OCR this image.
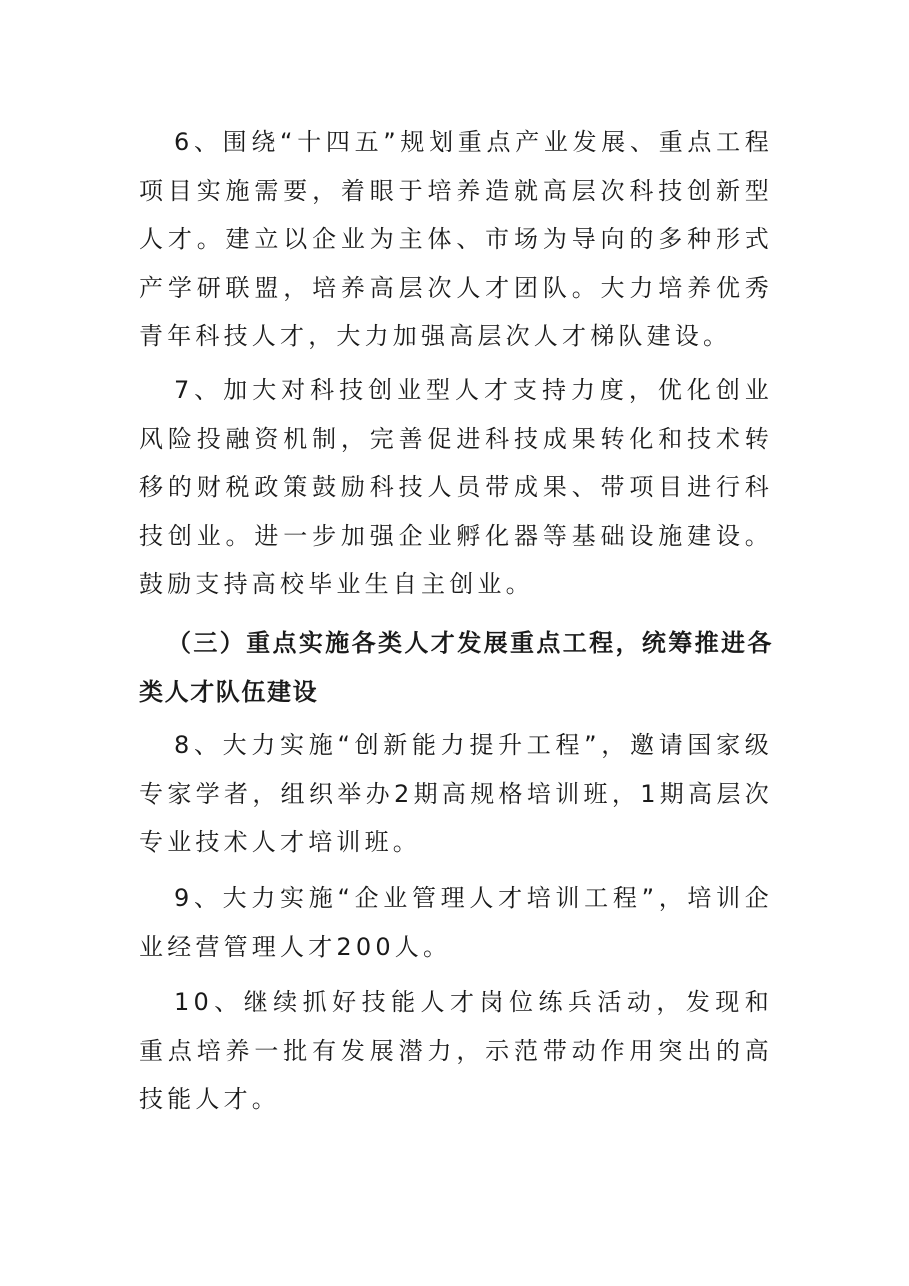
6、围绕“十四五”规划重点产业发展、重点工程项目实施需要，着眼于培养造就高层次科技创新型人才。建立以企业为主体、市场为导向的多种形式产学研联盟，培养高层次人才团队。大力培养优秀青年科技人才，大力加强高层次人才梯队建设。

7、加大对科技创业型人才支持力度，优化创业风险投融资机制，完善促进科技成果转化和技术转移的财税政策鼓励科技人员带成果、带项目进行科技创业。进一步加强企业孵化器等基础设施建设。鼓励支持高校毕业生自主创业。

（三）重点实施各类人才发展重点工程，统筹推进各类人才队伍建设

8、大力实施“创新能力提升工程”，邀请国家级专家学者，组织举办2期高规格培训班，1期高层次专业技术人才培训班。

9、大力实施“企业管理人才培训工程”，培训企业经营管理人才200人。

10、继续抓好技能人才岗位练兵活动，发现和重点培养一批有发展潜力，示范带动作用突出的高技能人才。
